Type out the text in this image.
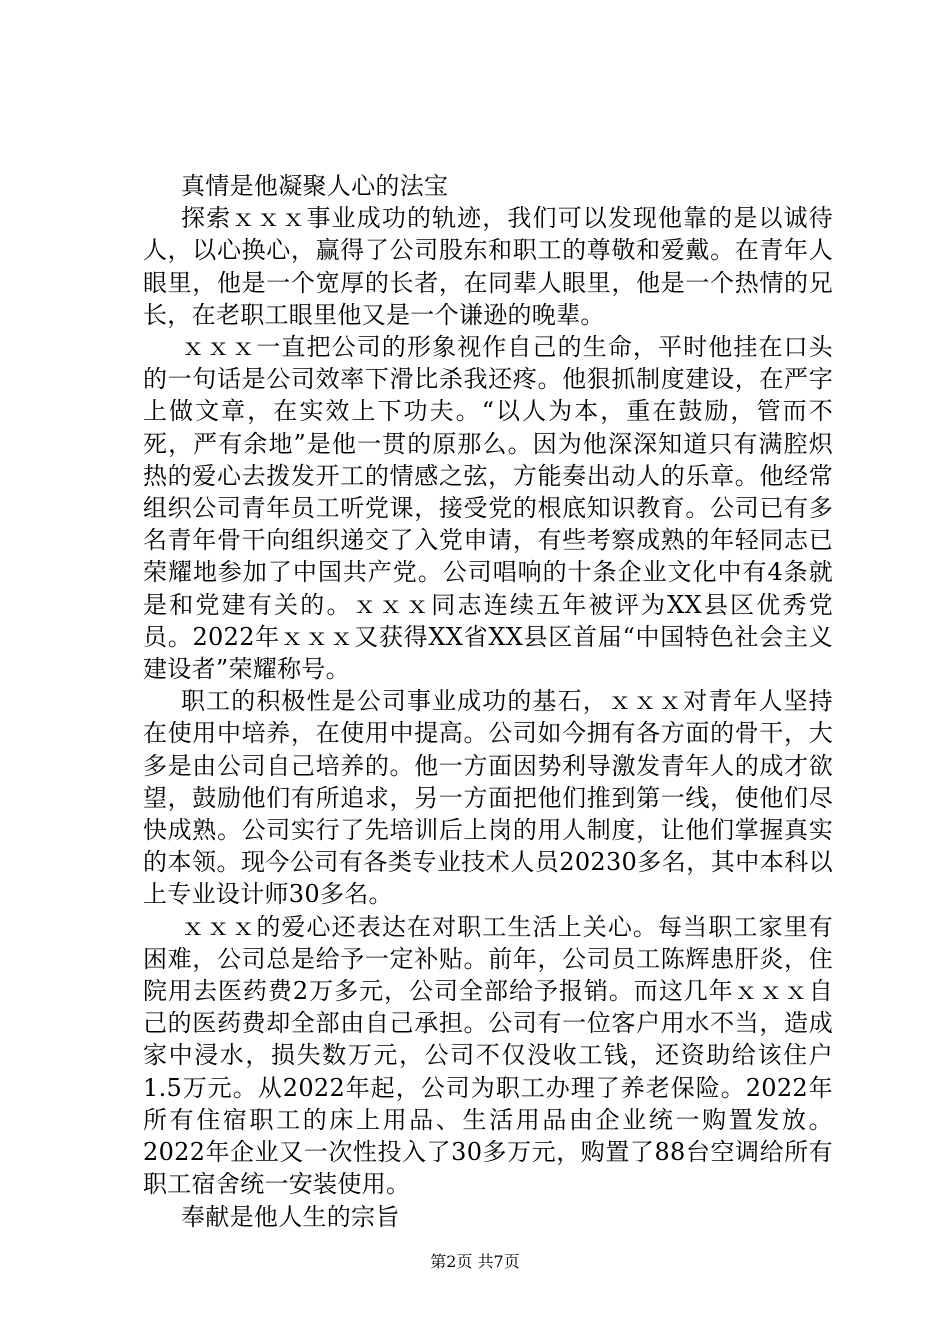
真情是他凝聚人心的法宝

探索ｘｘｘ事业成功的轨迹，我们可以发现他靠的是以诚待人，以心换心，赢得了公司股东和职工的尊敬和爱戴。在青年人眼里，他是一个宽厚的长者，在同辈人眼里，他是一个热情的兄长，在老职工眼里他又是一个谦逊的晚辈。

ｘｘｘ一直把公司的形象视作自己的生命，平时他挂在口头的一句话是公司效率下滑比杀我还疼。他狠抓制度建设，在严字上做文章，在实效上下功夫。“以人为本，重在鼓励，管而不死，严有余地”是他一贯的原那么。因为他深深知道只有满腔炽热的爱心去拨发开工的情感之弦，方能奏出动人的乐章。他经常组织公司青年员工听党课，接受党的根底知识教育。公司已有多名青年骨干向组织递交了入党申请，有些考察成熟的年轻同志已荣耀地参加了中国共产党。公司唱响的十条企业文化中有4条就是和党建有关的。ｘｘｘ同志连续五年被评为XX县区优秀党员。2022年ｘｘｘ又获得XX省XX县区首届“中国特色社会主义建设者”荣耀称号。

职工的积极性是公司事业成功的基石，ｘｘｘ对青年人坚持在使用中培养，在使用中提高。公司如今拥有各方面的骨干，大多是由公司自己培养的。他一方面因势利导激发青年人的成才欲望，鼓励他们有所追求，另一方面把他们推到第一线，使他们尽快成熟。公司实行了先培训后上岗的用人制度，让他们掌握真实的本领。现今公司有各类专业技术人员20230多名，其中本科以上专业设计师30多名。

ｘｘｘ的爱心还表达在对职工生活上关心。每当职工家里有困难，公司总是给予一定补贴。前年，公司员工陈辉患肝炎，住院用去医药费2万多元，公司全部给予报销。而这几年ｘｘｘ自己的医药费却全部由自己承担。公司有一位客户用水不当，造成家中浸水，损失数万元，公司不仅没收工钱，还资助给该住户1.5万元。从2022年起，公司为职工办理了养老保险。2022年所有住宿职工的床上用品、生活用品由企业统一购置发放。2022年企业又一次性投入了30多万元，购置了88台空调给所有职工宿舍统一安装使用。

奉献是他人生的宗旨

第2页 共7页
